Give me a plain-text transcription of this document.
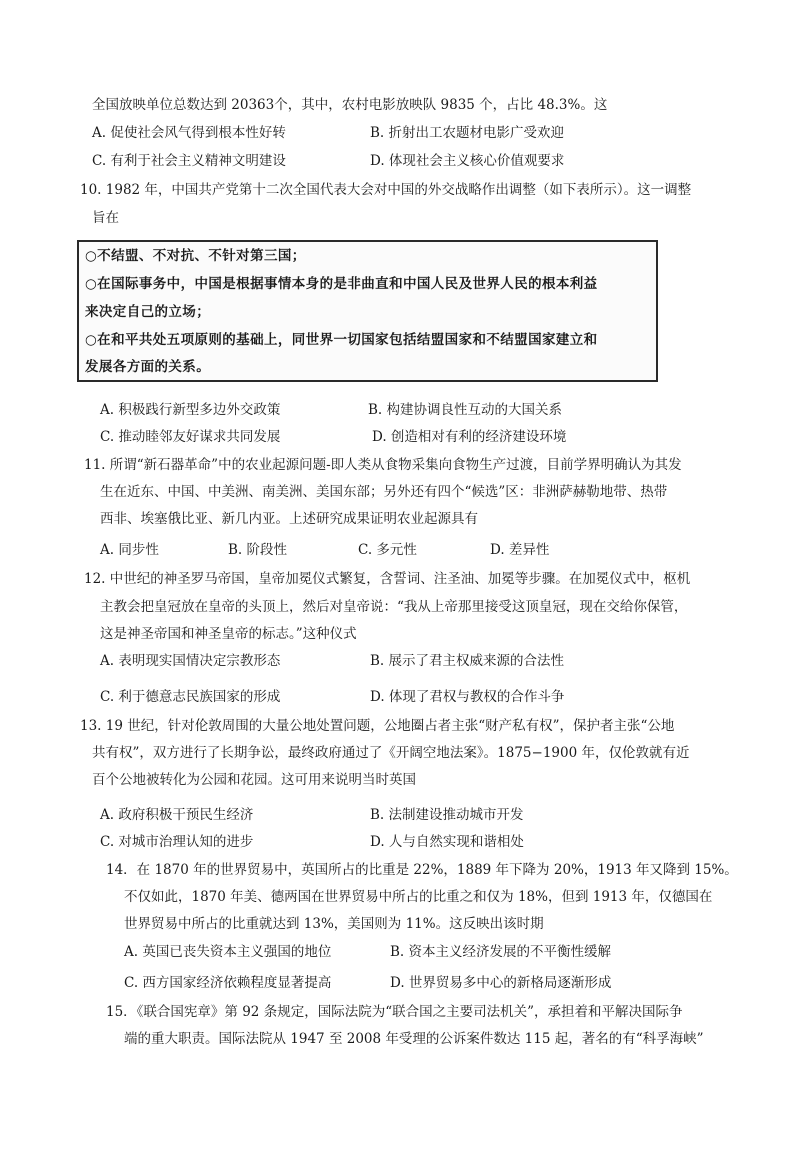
全国放映单位总数达到 20363个，其中，农村电影放映队 9835 个，占比 48.3%。这
A. 促使社会风气得到根本性好转	B. 折射出工农题材电影广受欢迎
C. 有利于社会主义精神文明建设	D. 体现社会主义核心价值观要求
10. 1982 年，中国共产党第十二次全国代表大会对中国的外交战略作出调整（如下表所示）。这一调整
旨在
○不结盟、不对抗、不针对第三国；
○在国际事务中，中国是根据事情本身的是非曲直和中国人民及世界人民的根本利益
来决定自己的立场；
○在和平共处五项原则的基础上，同世界一切国家包括结盟国家和不结盟国家建立和
发展各方面的关系。
A. 积极践行新型多边外交政策	B. 构建协调良性互动的大国关系
C. 推动睦邻友好谋求共同发展	D. 创造相对有利的经济建设环境
11. 所谓“新石器革命”中的农业起源问题-即人类从食物采集向食物生产过渡，目前学界明确认为其发
生在近东、中国、中美洲、南美洲、美国东部；另外还有四个“候选”区：非洲萨赫勒地带、热带
西非、埃塞俄比亚、新几内亚。上述研究成果证明农业起源具有
A. 同步性	B. 阶段性	C. 多元性	D. 差异性
12. 中世纪的神圣罗马帝国，皇帝加冕仪式繁复，含誓词、注圣油、加冕等步骤。在加冕仪式中，枢机
主教会把皇冠放在皇帝的头顶上，然后对皇帝说：“我从上帝那里接受这顶皇冠，现在交给你保管，
这是神圣帝国和神圣皇帝的标志。”这种仪式
A. 表明现实国情决定宗教形态	B. 展示了君主权威来源的合法性
C. 利于德意志民族国家的形成	D. 体现了君权与教权的合作斗争
13. 19 世纪，针对伦敦周围的大量公地处置问题，公地圈占者主张“财产私有权”，保护者主张“公地
共有权”，双方进行了长期争讼，最终政府通过了《开阔空地法案》。1875−1900 年，仅伦敦就有近
百个公地被转化为公园和花园。这可用来说明当时英国
A. 政府积极干预民生经济	B. 法制建设推动城市开发
C. 对城市治理认知的进步	D. 人与自然实现和谐相处
14．在 1870 年的世界贸易中，英国所占的比重是 22%，1889 年下降为 20%，1913 年又降到 15%。
不仅如此，1870 年美、德两国在世界贸易中所占的比重之和仅为 18%，但到 1913 年，仅德国在
世界贸易中所占的比重就达到 13%，美国则为 11%。这反映出该时期
A. 英国已丧失资本主义强国的地位	B. 资本主义经济发展的不平衡性缓解
C. 西方国家经济依赖程度显著提高	D. 世界贸易多中心的新格局逐渐形成
15．《联合国宪章》第 92 条规定，国际法院为“联合国之主要司法机关”，承担着和平解决国际争
端的重大职责。国际法院从 1947 至 2008 年受理的公诉案件数达 115 起，著名的有“科孚海峡”
